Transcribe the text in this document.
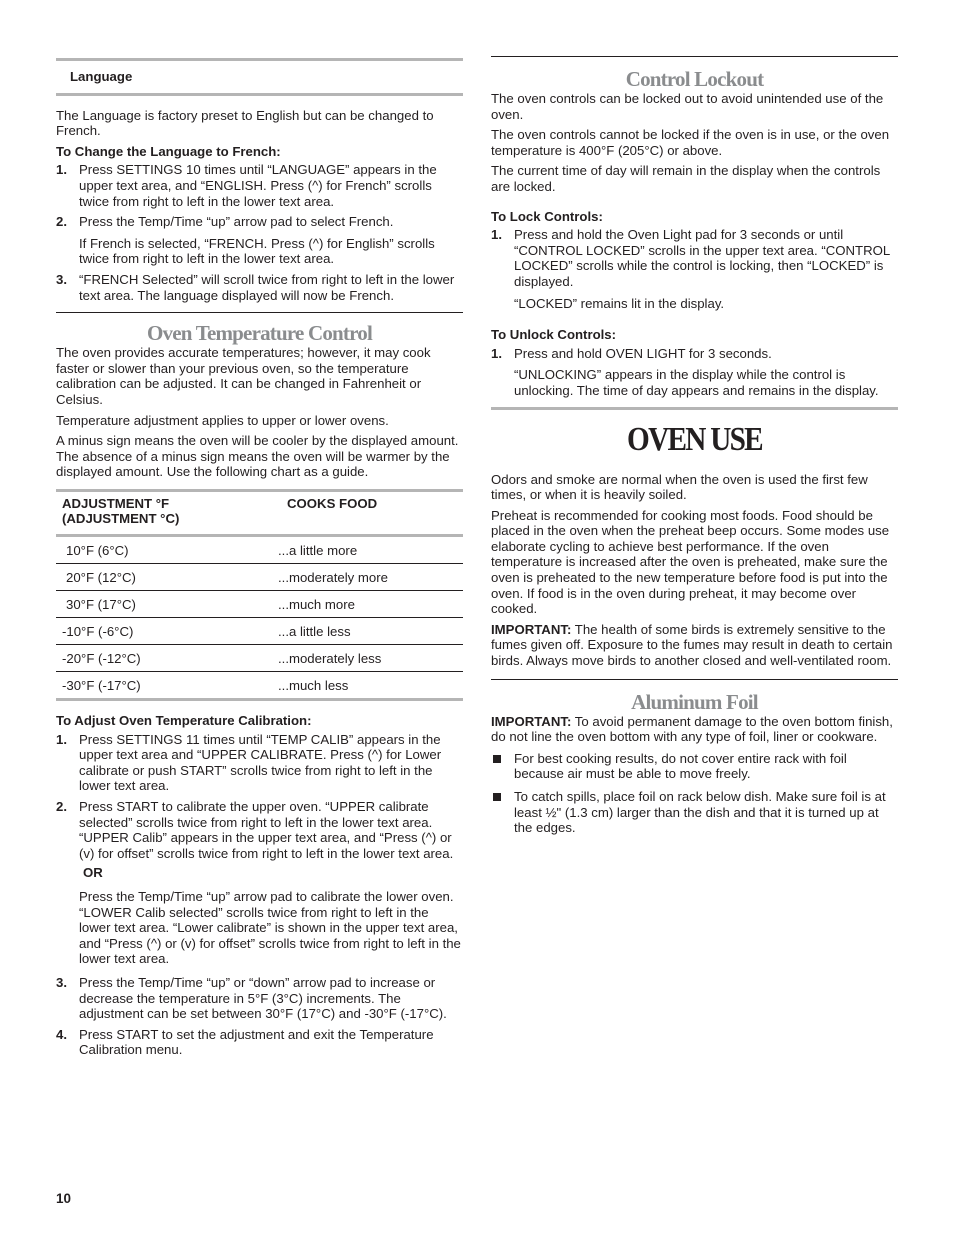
Language

The Language is factory preset to English but can be changed to French.

To Change the Language to French:

1. Press SETTINGS 10 times until “LANGUAGE” appears in the upper text area, and “ENGLISH. Press (^) for French” scrolls twice from right to left in the lower text area.
2. Press the Temp/Time “up” arrow pad to select French.

If French is selected, “FRENCH. Press (^) for English” scrolls twice from right to left in the lower text area.

3. “FRENCH Selected” will scroll twice from right to left in the lower text area. The language displayed will now be French.
Oven Temperature Control

The oven provides accurate temperatures; however, it may cook faster or slower than your previous oven, so the temperature calibration can be adjusted. It can be changed in Fahrenheit or Celsius.

Temperature adjustment applies to upper or lower ovens.

A minus sign means the oven will be cooler by the displayed amount. The absence of a minus sign means the oven will be warmer by the displayed amount. Use the following chart as a guide.

ADJUSTMENT °F
(ADJUSTMENT °C)	COOKS FOOD
10°F (6°C)	...a little more
20°F (12°C)	...moderately more
30°F (17°C)	...much more
-10°F (-6°C)	...a little less
-20°F (-12°C)	...moderately less
-30°F (-17°C)	...much less

To Adjust Oven Temperature Calibration:

1. Press SETTINGS 11 times until “TEMP CALIB” appears in the upper text area and “UPPER CALIBRATE. Press (^) for Lower calibrate or push START” scrolls twice from right to left in the lower text area.
2. Press START to calibrate the upper oven. “UPPER calibrate selected” scrolls twice from right to left in the lower text area. “UPPER Calib” appears in the upper text area, and “Press (^) or (v) for offset” scrolls twice from right to left in the lower text area.

OR

Press the Temp/Time “up” arrow pad to calibrate the lower oven. “LOWER Calib selected” scrolls twice from right to left in the lower text area. “Lower calibrate” is shown in the upper text area, and “Press (^) or (v) for offset” scrolls twice from right to left in the lower text area.

3. Press the Temp/Time “up” or “down” arrow pad to increase or decrease the temperature in 5°F (3°C) increments. The adjustment can be set between 30°F (17°C) and -30°F (-17°C).
4. Press START to set the adjustment and exit the Temperature Calibration menu.
Control Lockout

The oven controls can be locked out to avoid unintended use of the oven.

The oven controls cannot be locked if the oven is in use, or the oven temperature is 400°F (205°C) or above.

The current time of day will remain in the display when the controls are locked.

To Lock Controls:

1. Press and hold the Oven Light pad for 3 seconds or until “CONTROL LOCKED” scrolls in the upper text area. “CONTROL LOCKED” scrolls while the control is locking, then “LOCKED” is displayed.

“LOCKED” remains lit in the display.

To Unlock Controls:

1. Press and hold OVEN LIGHT for 3 seconds.

“UNLOCKING” appears in the display while the control is unlocking. The time of day appears and remains in the display.

OVEN USE

Odors and smoke are normal when the oven is used the first few times, or when it is heavily soiled.

Preheat is recommended for cooking most foods. Food should be placed in the oven when the preheat beep occurs. Some modes use elaborate cycling to achieve best performance. If the oven temperature is increased after the oven is preheated, make sure the oven is preheated to the new temperature before food is put into the oven. If food is in the oven during preheat, it may become over cooked.

IMPORTANT: The health of some birds is extremely sensitive to the fumes given off. Exposure to the fumes may result in death to certain birds. Always move birds to another closed and well-ventilated room.

Aluminum Foil

IMPORTANT: To avoid permanent damage to the oven bottom finish, do not line the oven bottom with any type of foil, liner or cookware.

For best cooking results, do not cover entire rack with foil because air must be able to move freely.
To catch spills, place foil on rack below dish. Make sure foil is at least ½" (1.3 cm) larger than the dish and that it is turned up at the edges.
10
